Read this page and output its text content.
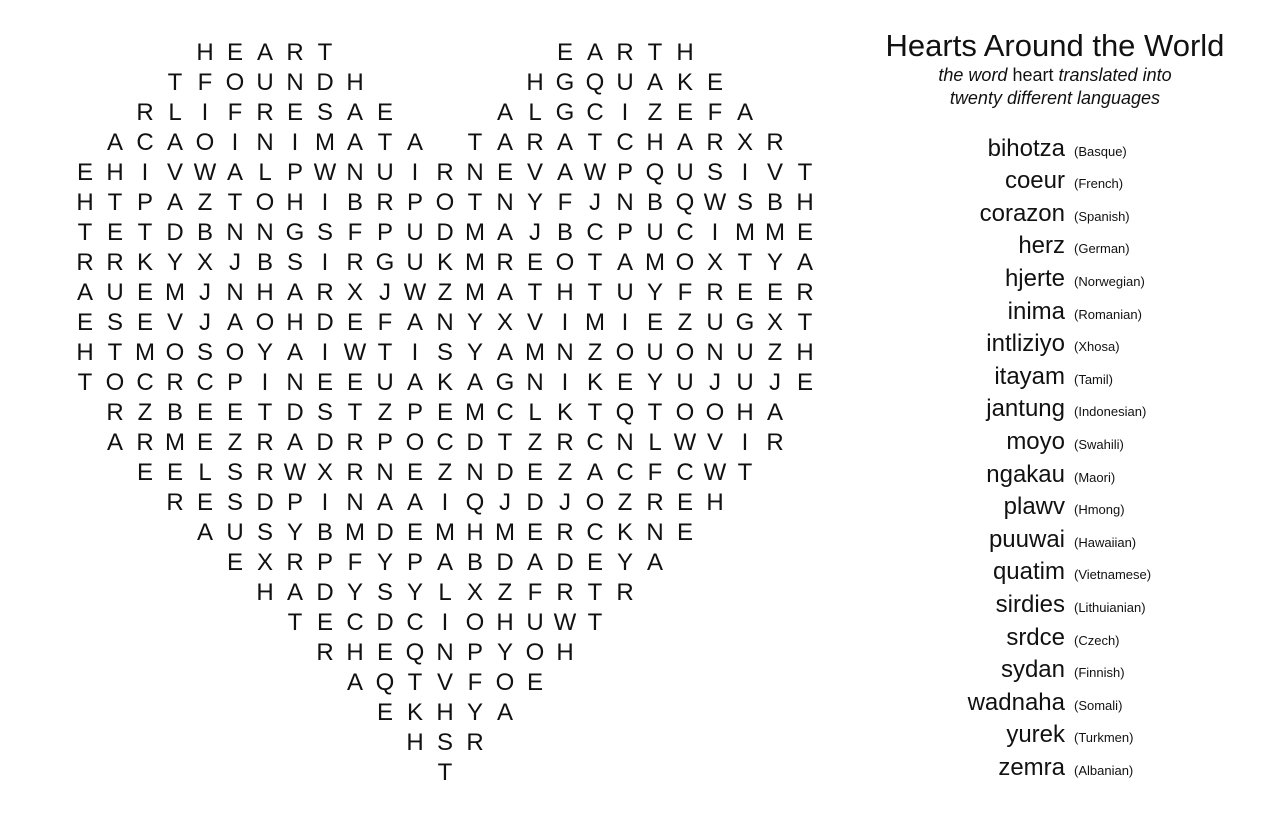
H E A R T	E A R T H
T F O U N D H	H G Q U A K E
R L I F R E S A E	A L G C I Z E F A
A C A O I N I M A T A	T A R A T C H A R X R
E H I V W A L P W N U I R N E V A W P Q U S I V T
H T P A Z T O H I B R P O T N Y F J N B Q W S B H
T E T D B N N G S F P U D M A J B C P U C I M M E
R R K Y X J B S I R G U K M R E O T A M O X T Y A
A U E M J N H A R X J W Z M A T H T U Y F R E E R
E S E V J A O H D E F A N Y X V I M I E Z U G X T
H T M O S O Y A I W T I S Y A M N Z O U O N U Z H
T O C R C P I N E E U A K A G N I K E Y U J U J E
R Z B E E T D S T Z P E M C L K T Q T O O H A
A R M E Z R A D R P O C D T Z R C N L W V I R
E E L S R W X R N E Z N D E Z A C F C W T
R E S D P I N A A I Q J D J O Z R E H
A U S Y B M D E M H M E R C K N E
E X R P F Y P A B D A D E Y A
H A D Y S Y L X Z F R T R
T E C D C I O H U W T
R H E Q N P Y O H
A Q T V F O E
E K H Y A
H S R
T
Hearts Around the World
the word heart translated into
twenty different languages
bihotza (Basque)
coeur (French)
corazon (Spanish)
herz (German)
hjerte (Norwegian)
inima (Romanian)
intliziyo (Xhosa)
itayam (Tamil)
jantung (Indonesian)
moyo (Swahili)
ngakau (Maori)
plawv (Hmong)
puuwai (Hawaiian)
quatim (Vietnamese)
sirdies (Lithuianian)
srdce (Czech)
sydan (Finnish)
wadnaha (Somali)
yurek (Turkmen)
zemra (Albanian)
